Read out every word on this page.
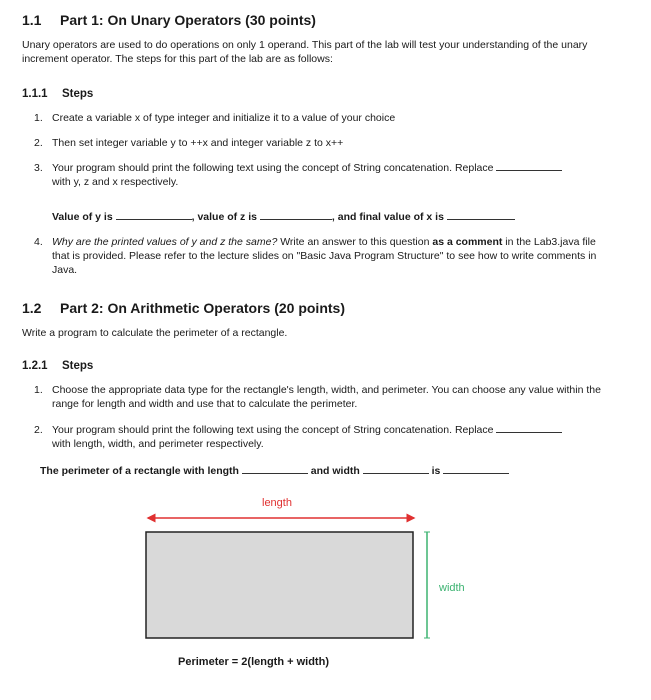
1.1 Part 1: On Unary Operators (30 points)
Unary operators are used to do operations on only 1 operand. This part of the lab will test your understanding of the unary increment operator. The steps for this part of the lab are as follows:
1.1.1 Steps
1. Create a variable x of type integer and initialize it to a value of your choice
2. Then set integer variable y to ++x and integer variable z to x++
3. Your program should print the following text using the concept of String concatenation. Replace
with y, z and x respectively.
Value of y is	, value of z is	, and final value of x is
4. Why are the printed values of y and z the same? Write an answer to this question as a comment in the Lab3.java file that is provided. Please refer to the lecture slides on "Basic Java Program Structure" to see how to write comments in Java.
1.2 Part 2: On Arithmetic Operators (20 points)
Write a program to calculate the perimeter of a rectangle.
1.2.1 Steps
1. Choose the appropriate data type for the rectangle's length, width, and perimeter. You can choose any value within the range for length and width and use that to calculate the perimeter.
2. Your program should print the following text using the concept of String concatenation. Replace
with length, width, and perimeter respectively.
The perimeter of a rectangle with length	and width	is
length
width
Perimeter = 2(length + width)
